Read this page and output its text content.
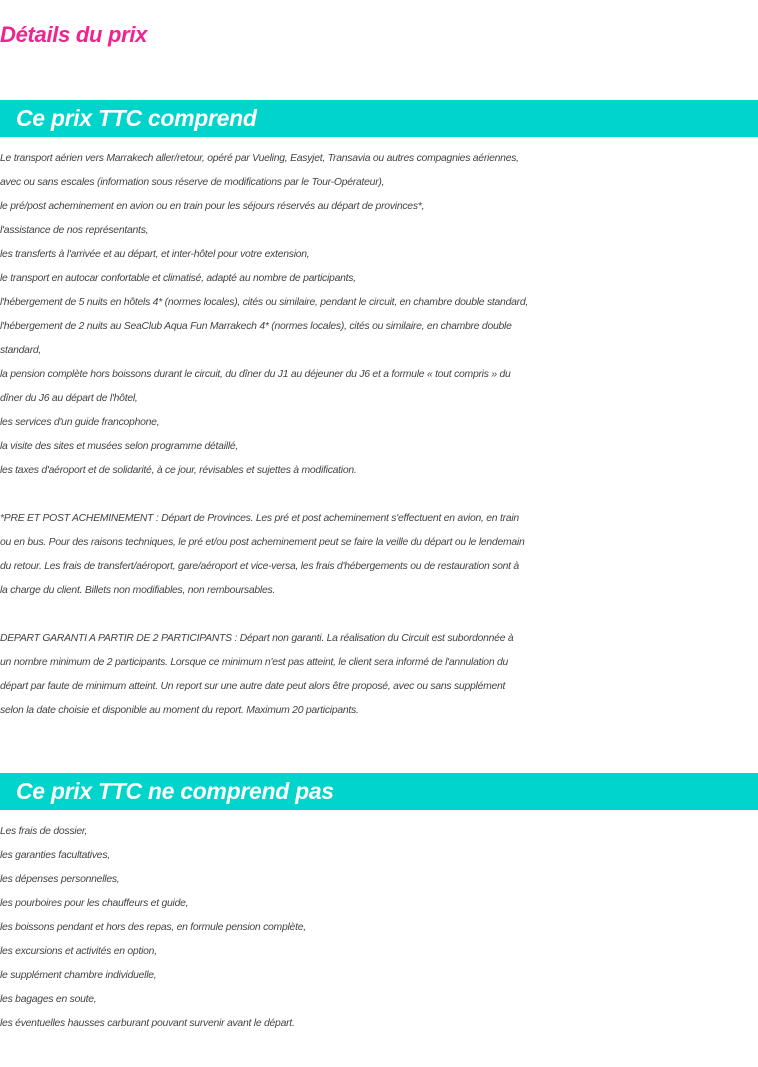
Détails du prix
Ce prix TTC comprend
Le transport aérien vers Marrakech aller/retour, opéré par Vueling, Easyjet, Transavia ou autres compagnies aériennes,
avec ou sans escales (information sous réserve de modifications par le Tour-Opérateur),
le pré/post acheminement en avion ou en train pour les séjours réservés au départ de provinces*,
l'assistance de nos représentants,
les transferts à l'arrivée et au départ, et inter-hôtel pour votre extension,
le transport en autocar confortable et climatisé, adapté au nombre de participants,
l'hébergement de 5 nuits en hôtels 4* (normes locales), cités ou similaire, pendant le circuit, en chambre double standard,
l'hébergement de 2 nuits au SeaClub Aqua Fun Marrakech 4* (normes locales), cités ou similaire, en chambre double
standard,
la pension complète hors boissons durant le circuit, du dîner du J1 au déjeuner du J6 et a formule « tout compris » du
dîner du J6 au départ de l'hôtel,
les services d'un guide francophone,
la visite des sites et musées selon programme détaillé,
les taxes d'aéroport et de solidarité, à ce jour, révisables et sujettes à modification.
*PRE ET POST ACHEMINEMENT : Départ de Provinces. Les pré et post acheminement s'effectuent en avion, en train
ou en bus. Pour des raisons techniques, le pré et/ou post acheminement peut se faire la veille du départ ou le lendemain
du retour. Les frais de transfert/aéroport, gare/aéroport et vice-versa, les frais d'hébergements ou de restauration sont à
la charge du client. Billets non modifiables, non remboursables.
DEPART GARANTI A PARTIR DE 2 PARTICIPANTS : Départ non garanti. La réalisation du Circuit est subordonnée à
un nombre minimum de 2 participants. Lorsque ce minimum n'est pas atteint, le client sera informé de l'annulation du
départ par faute de minimum atteint. Un report sur une autre date peut alors être proposé, avec ou sans supplément
selon la date choisie et disponible au moment du report. Maximum 20 participants.
Ce prix TTC ne comprend pas
Les frais de dossier,
les garanties facultatives,
les dépenses personnelles,
les pourboires pour les chauffeurs et guide,
les boissons pendant et hors des repas, en formule pension complète,
les excursions et activités en option,
le supplément chambre individuelle,
les bagages en soute,
les éventuelles hausses carburant pouvant survenir avant le départ.
